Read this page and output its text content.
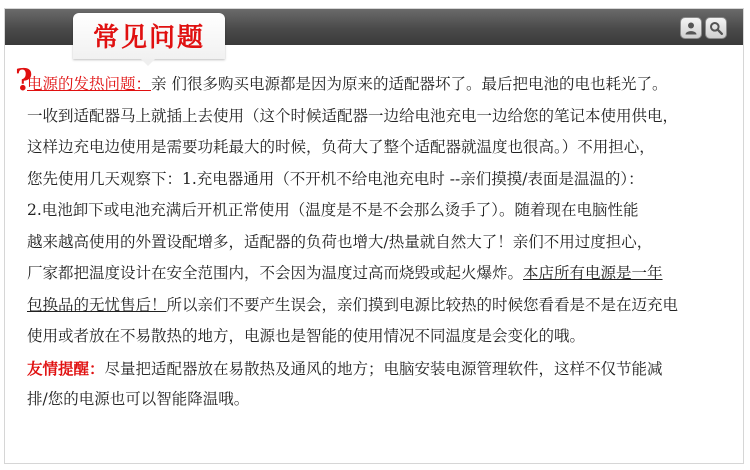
常见问题
?
电源的发热问题：亲 们很多购买电源都是因为原来的适配器坏了。最后把电池的电也耗光了。
一收到适配器马上就插上去使用（这个时候适配器一边给电池充电一边给您的笔记本使用供电，
这样边充电边使用是需要功耗最大的时候，负荷大了整个适配器就温度也很高。）不用担心，
您先使用几天观察下：1.充电器通用（不开机不给电池充电时 --亲们摸摸/表面是温温的）：
2.电池卸下或电池充满后开机正常使用（温度是不是不会那么烫手了）。随着现在电脑性能
越来越高使用的外置设配增多，适配器的负荷也增大/热量就自然大了！亲们不用过度担心，
厂家都把温度设计在安全范围内，不会因为温度过高而烧毁或起火爆炸。本店所有电源是一年
包换品的无忧售后！所以亲们不要产生误会，亲们摸到电源比较热的时候您看看是不是在迈充电
使用或者放在不易散热的地方，电源也是智能的使用情况不同温度是会变化的哦。
友情提醒：尽量把适配器放在易散热及通风的地方；电脑安装电源管理软件，这样不仅节能减
排/您的电源也可以智能降温哦。
